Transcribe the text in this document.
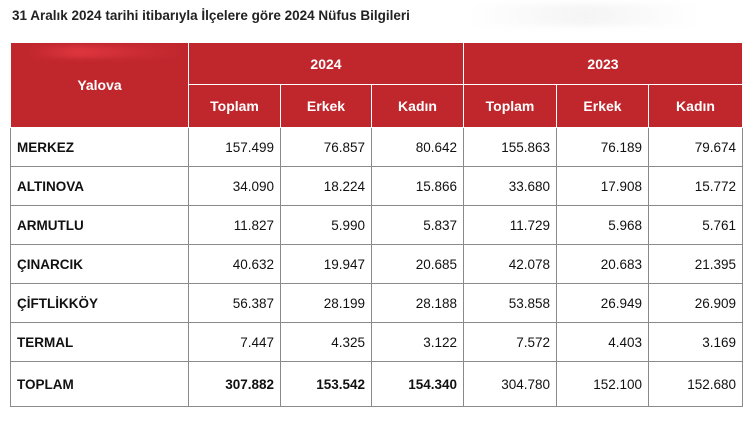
31 Aralık 2024 tarihi itibarıyla İlçelere göre 2024 Nüfus Bilgileri
Yalova	2024			2023		
	Toplam	Erkek	Kadın	Toplam	Erkek	Kadın
MERKEZ	157.499	76.857	80.642	155.863	76.189	79.674
ALTINOVA	34.090	18.224	15.866	33.680	17.908	15.772
ARMUTLU	11.827	5.990	5.837	11.729	5.968	5.761
ÇINARCIK	40.632	19.947	20.685	42.078	20.683	21.395
ÇİFTLİKKÖY	56.387	28.199	28.188	53.858	26.949	26.909
TERMAL	7.447	4.325	3.122	7.572	4.403	3.169
TOPLAM	307.882	153.542	154.340	304.780	152.100	152.680
